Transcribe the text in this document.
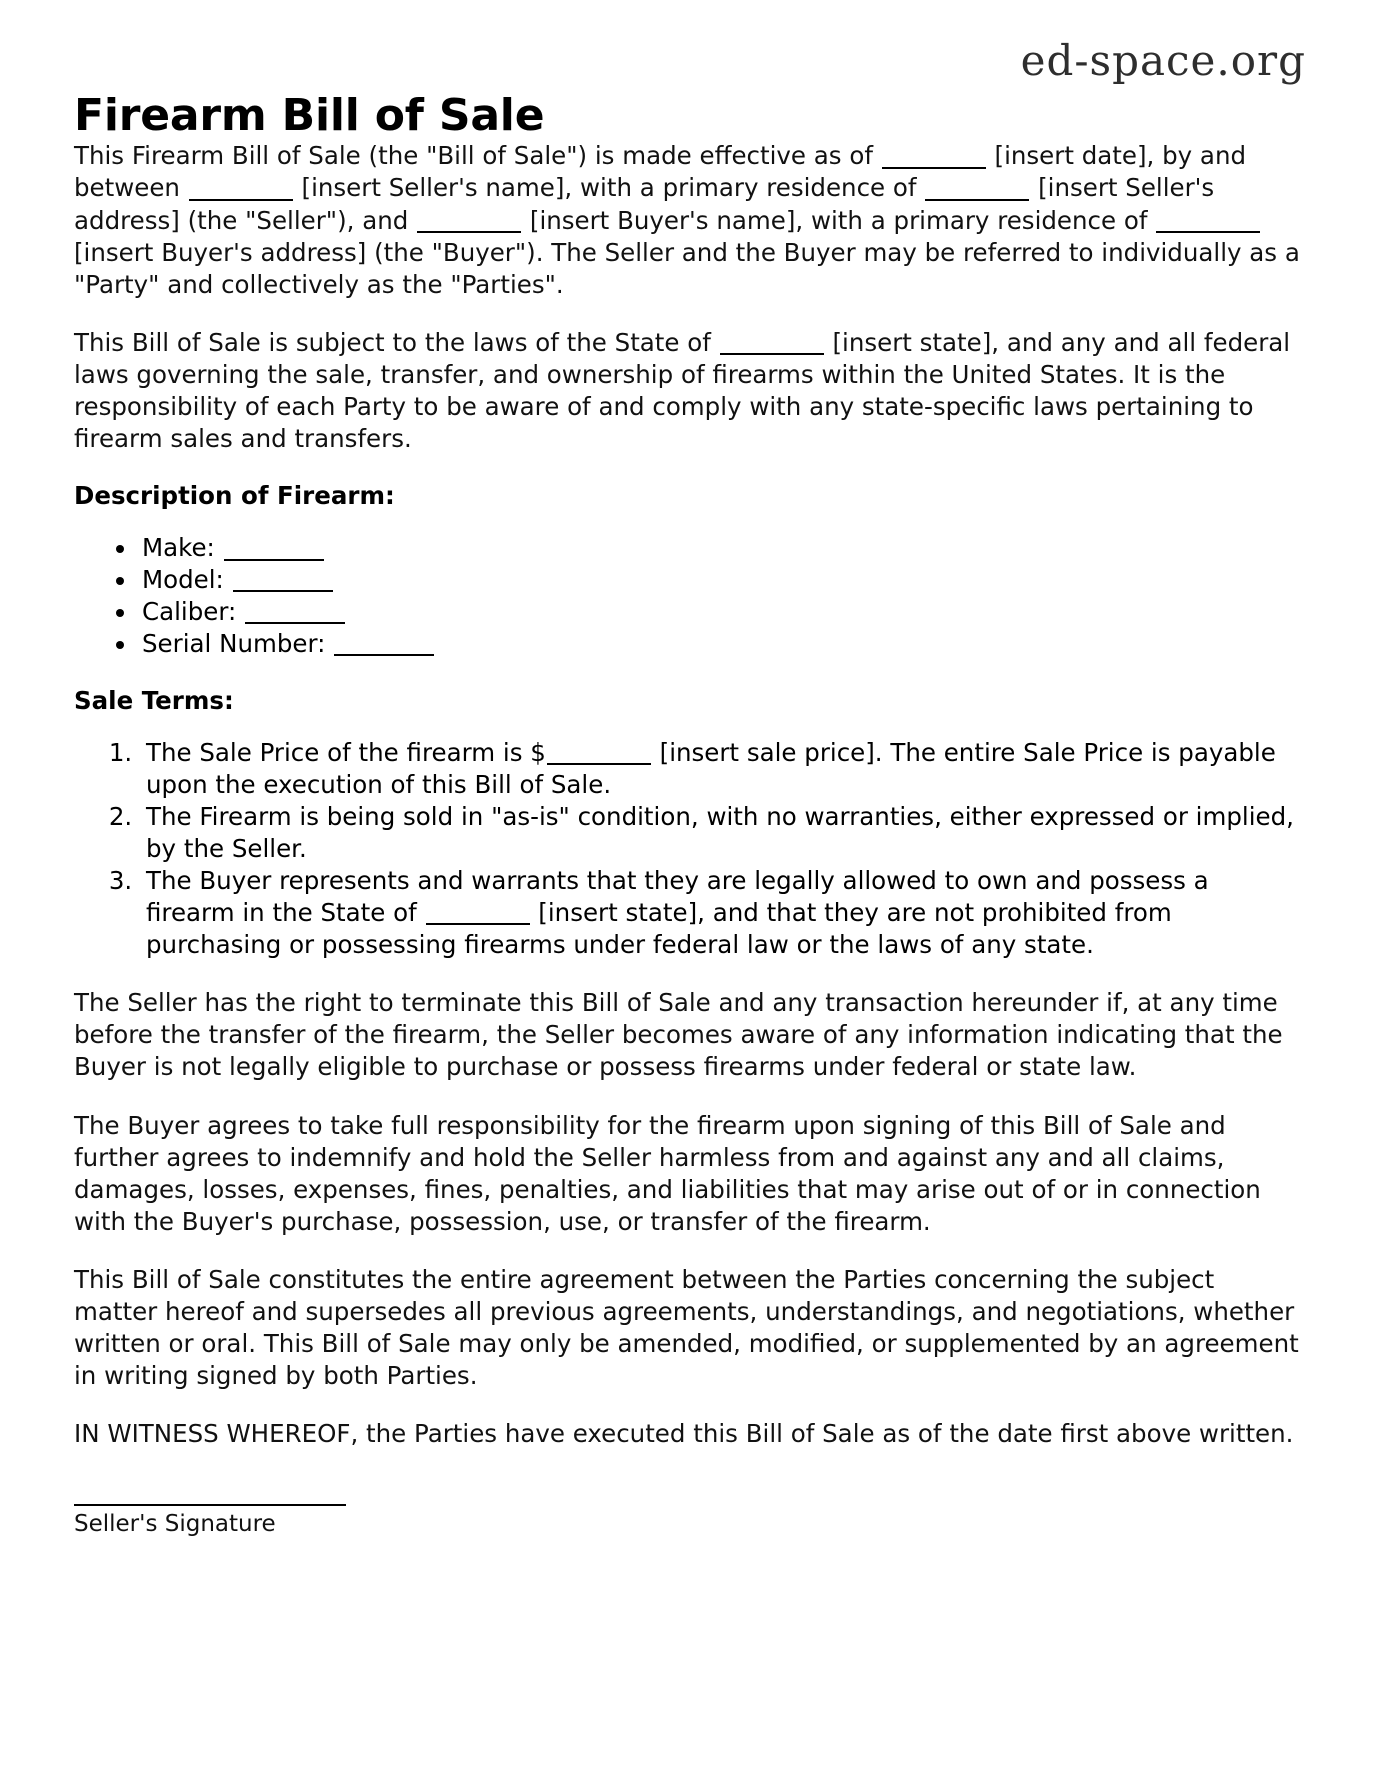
ed-space.org
Firearm Bill of Sale

This Firearm Bill of Sale (the "Bill of Sale") is made effective as of	[insert date], by and between	[insert Seller's name], with a primary residence of	[insert Seller's address] (the "Seller"), and	[insert Buyer's name], with a primary residence of  [insert Buyer's address] (the "Buyer"). The Seller and the Buyer may be referred to individually as a "Party" and collectively as the "Parties".

This Bill of Sale is subject to the laws of the State of	[insert state], and any and all federal laws governing the sale, transfer, and ownership of firearms within the United States. It is the responsibility of each Party to be aware of and comply with any state-specific laws pertaining to firearm sales and transfers.

Description of Firearm:
• Make:
• Model:
• Caliber:
• Serial Number:
Sale Terms:
1. The Sale Price of the firearm is $	[insert sale price]. The entire Sale Price is payable upon the execution of this Bill of Sale.
2. The Firearm is being sold in "as-is" condition, with no warranties, either expressed or implied, by the Seller.
3. The Buyer represents and warrants that they are legally allowed to own and possess a firearm in the State of	[insert state], and that they are not prohibited from purchasing or possessing firearms under federal law or the laws of any state.

The Seller has the right to terminate this Bill of Sale and any transaction hereunder if, at any time before the transfer of the firearm, the Seller becomes aware of any information indicating that the Buyer is not legally eligible to purchase or possess firearms under federal or state law.

The Buyer agrees to take full responsibility for the firearm upon signing of this Bill of Sale and further agrees to indemnify and hold the Seller harmless from and against any and all claims, damages, losses, expenses, fines, penalties, and liabilities that may arise out of or in connection with the Buyer's purchase, possession, use, or transfer of the firearm.

This Bill of Sale constitutes the entire agreement between the Parties concerning the subject matter hereof and supersedes all previous agreements, understandings, and negotiations, whether written or oral. This Bill of Sale may only be amended, modified, or supplemented by an agreement in writing signed by both Parties.

IN WITNESS WHEREOF, the Parties have executed this Bill of Sale as of the date first above written.

Seller's Signature
